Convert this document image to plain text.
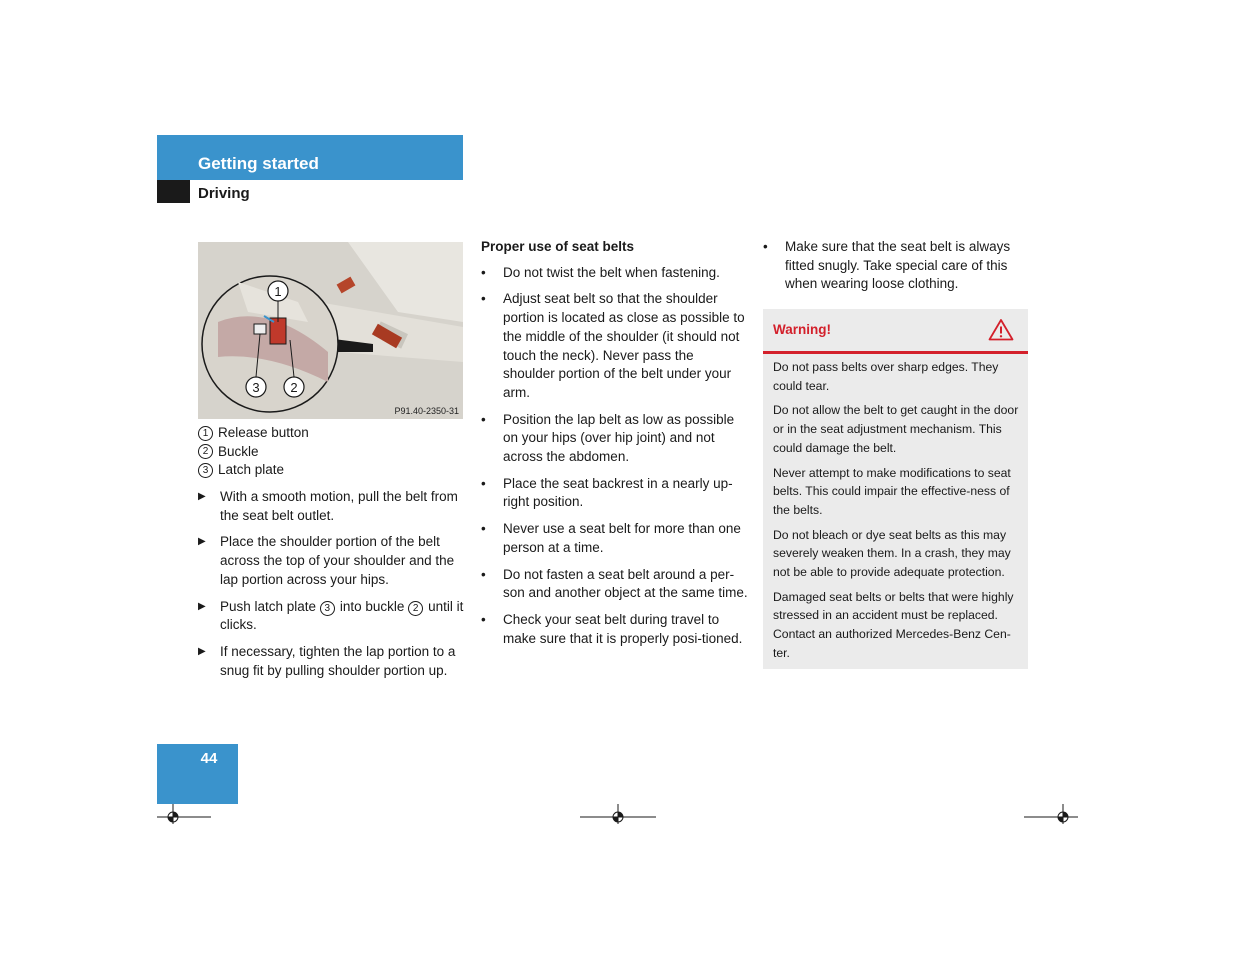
Getting started
Driving
1
3 2
P91.40-2350-31
1 Release button
2 Buckle
3 Latch plate
▶	With a smooth motion, pull the belt from the seat belt outlet.
▶	Place the shoulder portion of the belt across the top of your shoulder and the lap portion across your hips.
▶	Push latch plate 3 into buckle 2 until it clicks.
▶	If necessary, tighten the lap portion to a snug fit by pulling shoulder portion up.
Proper use of seat belts
•	Do not twist the belt when fastening.
•	Adjust seat belt so that the shoulder portion is located as close as possible to the middle of the shoulder (it should not touch the neck). Never pass the shoulder portion of the belt under your arm.
•	Position the lap belt as low as possible on your hips (over hip joint) and not across the abdomen.
•	Place the seat backrest in a nearly up-right position.
•	Never use a seat belt for more than one person at a time.
•	Do not fasten a seat belt around a per-son and another object at the same time.
•	Check your seat belt during travel to make sure that it is properly posi-tioned.
•	Make sure that the seat belt is always fitted snugly. Take special care of this when wearing loose clothing.
Warning!

Do not pass belts over sharp edges. They could tear.

Do not allow the belt to get caught in the door or in the seat adjustment mechanism. This could damage the belt.

Never attempt to make modifications to seat belts. This could impair the effective-ness of the belts.

Do not bleach or dye seat belts as this may severely weaken them. In a crash, they may not be able to provide adequate protection.

Damaged seat belts or belts that were highly stressed in an accident must be replaced. Contact an authorized Mercedes-Benz Cen-ter.

44
